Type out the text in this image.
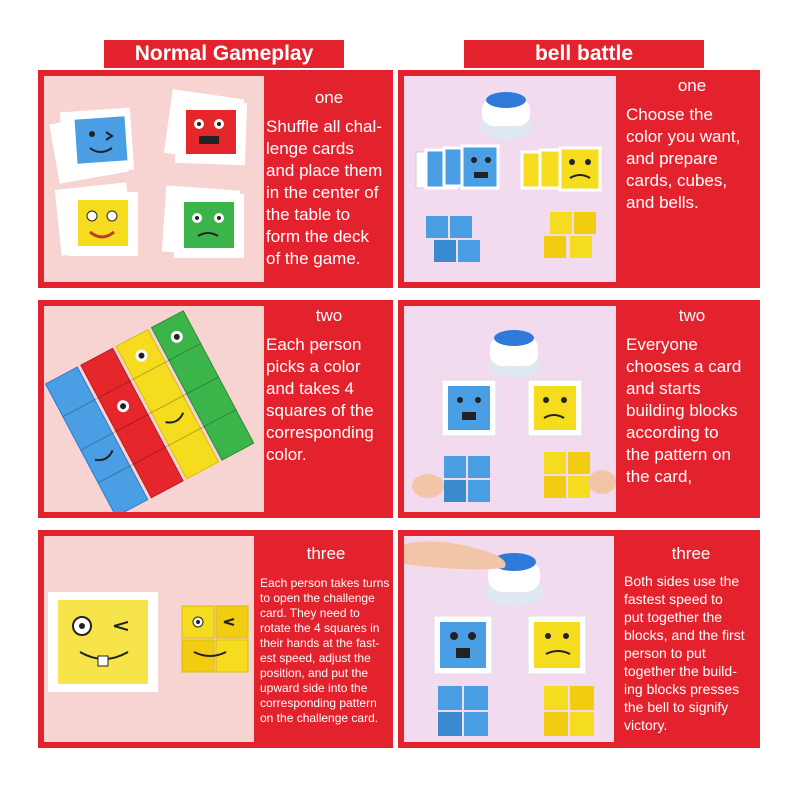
Normal Gameplay	bell battle
one
Shuffle all chal-
lenge cards
and place them
in the center of
the table to
form the deck
of the game.
one
Choose the
color you want,
and prepare
cards, cubes,
and bells.
two
Each person
picks a color
and takes 4
squares of the
corresponding
color.
two
Everyone
chooses a card
and starts
building blocks
according to
the pattern on
the card,
three
Each person takes turns
to open the challenge
card. They need to
rotate the 4 squares in
their hands at the fast-
est speed, adjust the
position, and put the
upward side into the
corresponding pattern
on the challenge card.
three
Both sides use the
fastest speed to
put together the
blocks, and the first
person to put
together the build-
ing blocks presses
the bell to signify
victory.
